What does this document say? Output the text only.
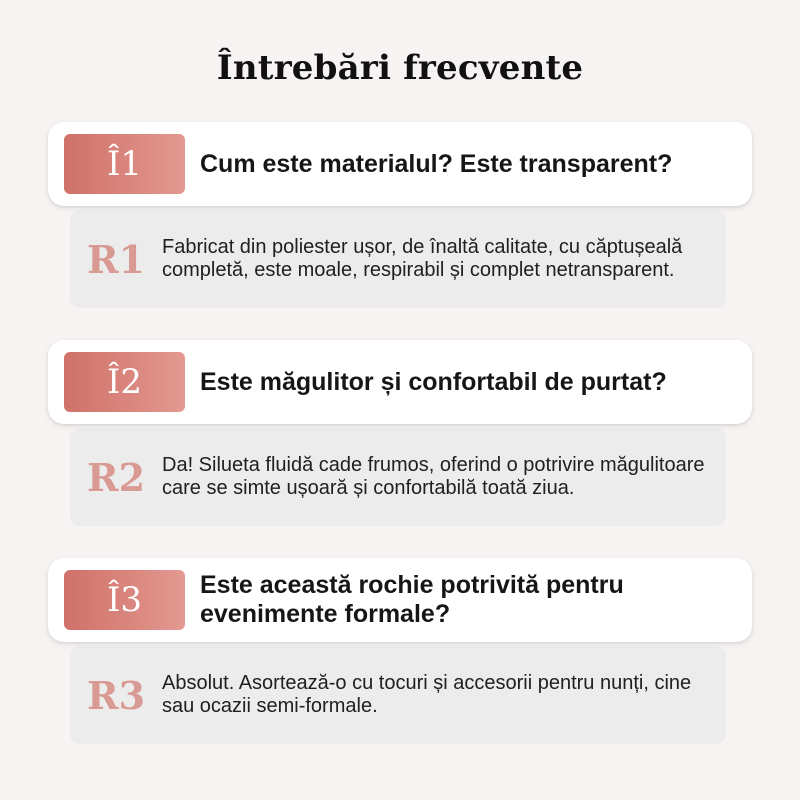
Întrebări frecvente
Î1	Cum este materialul? Este transparent?
R1 Fabricat din poliester ușor, de înaltă calitate, cu căptușeală completă, este moale, respirabil și complet netransparent.
Î2	Este măgulitor și confortabil de purtat?
R2 Da! Silueta fluidă cade frumos, oferind o potrivire măgulitoare care se simte ușoară și confortabilă toată ziua.
Î3	Este această rochie potrivită pentru evenimente formale?
R3 Absolut. Asortează-o cu tocuri și accesorii pentru nunți, cine sau ocazii semi-formale.
